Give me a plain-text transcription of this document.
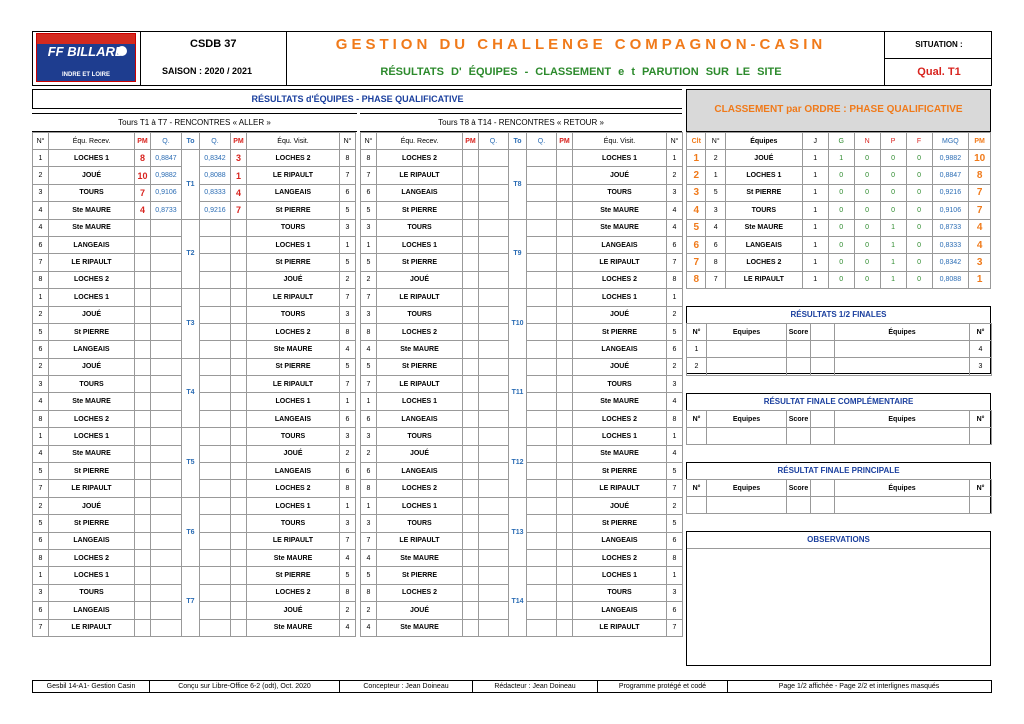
FF BILLARD
INDRE ET LOIRE
CSDB 37
SAISON : 2020 / 2021
GESTION DU CHALLENGE COMPAGNON-CASIN
RÉSULTATS D' ÉQUIPES - CLASSEMENT e t PARUTION SUR LE SITE
SITUATION :
Qual. T1
RÉSULTATS d'ÉQUIPES - PHASE QUALIFICATIVE
Tours T1 à T7 - RENCONTRES « ALLER »	Tours T8 à T14 - RENCONTRES « RETOUR »
N°	Équ. Recev.	PM	Q.	To	Q.	PM	Équ. Visit.	N°
1	LOCHES 1	8	0,8847	T1	0,8342	3	LOCHES 2	8
2	JOUÉ	10	0,9882		0,8088	1	LE RIPAULT	7
3	TOURS	7	0,9106		0,8333	4	LANGEAIS	6
4	Ste MAURE	4	0,8733		0,9216	7	St PIERRE	5
4	Ste MAURE			T2			TOURS	3
6	LANGEAIS						LOCHES 1	1
7	LE RIPAULT						St PIERRE	5
8	LOCHES 2						JOUÉ	2
1	LOCHES 1			T3			LE RIPAULT	7
2	JOUÉ						TOURS	3
5	St PIERRE						LOCHES 2	8
6	LANGEAIS						Ste MAURE	4
2	JOUÉ			T4			St PIERRE	5
3	TOURS						LE RIPAULT	7
4	Ste MAURE						LOCHES 1	1
8	LOCHES 2						LANGEAIS	6
1	LOCHES 1			T5			TOURS	3
4	Ste MAURE						JOUÉ	2
5	St PIERRE						LANGEAIS	6
7	LE RIPAULT						LOCHES 2	8
2	JOUÉ			T6			LOCHES 1	1
5	St PIERRE						TOURS	3
6	LANGEAIS						LE RIPAULT	7
8	LOCHES 2						Ste MAURE	4
1	LOCHES 1			T7			St PIERRE	5
3	TOURS						LOCHES 2	8
6	LANGEAIS						JOUÉ	2
7	LE RIPAULT						Ste MAURE	4
N°	Équ. Recev.	PM	Q.	To	Q.	PM	Équ. Visit.	N°
8	LOCHES 2			T8			LOCHES 1	1
7	LE RIPAULT						JOUÉ	2
6	LANGEAIS						TOURS	3
5	St PIERRE						Ste MAURE	4
3	TOURS			T9			Ste MAURE	4
1	LOCHES 1						LANGEAIS	6
5	St PIERRE						LE RIPAULT	7
2	JOUÉ						LOCHES 2	8
7	LE RIPAULT			T10			LOCHES 1	1
3	TOURS						JOUÉ	2
8	LOCHES 2						St PIERRE	5
4	Ste MAURE						LANGEAIS	6
5	St PIERRE			T11			JOUÉ	2
7	LE RIPAULT						TOURS	3
1	LOCHES 1						Ste MAURE	4
6	LANGEAIS						LOCHES 2	8
3	TOURS			T12			LOCHES 1	1
2	JOUÉ						Ste MAURE	4
6	LANGEAIS						St PIERRE	5
8	LOCHES 2						LE RIPAULT	7
1	LOCHES 1			T13			JOUÉ	2
3	TOURS						St PIERRE	5
7	LE RIPAULT						LANGEAIS	6
4	Ste MAURE						LOCHES 2	8
5	St PIERRE			T14			LOCHES 1	1
8	LOCHES 2						TOURS	3
2	JOUÉ						LANGEAIS	6
4	Ste MAURE						LE RIPAULT	7
CLASSEMENT par ORDRE : PHASE QUALIFICATIVE
Clt	N°	Équipes	J	G	N	P	F	MGQ	PM
1	2	JOUÉ	1	1	0	0	0	0,9882	10
2	1	LOCHES 1	1	0	0	0	0	0,8847	8
3	5	St PIERRE	1	0	0	0	0	0,9216	7
4	3	TOURS	1	0	0	0	0	0,9106	7
5	4	Ste MAURE	1	0	0	1	0	0,8733	4
6	6	LANGEAIS	1	0	0	1	0	0,8333	4
7	8	LOCHES 2	1	0	0	1	0	0,8342	3
8	7	LE RIPAULT	1	0	0	1	0	0,8088	1
RÉSULTATS 1/2 FINALES
N°	Equipes	Score		Équipes	N°
1					4
2					3
RÉSULTAT FINALE COMPLÉMENTAIRE
N°	Equipes	Score		Equipes	N°

RÉSULTAT FINALE PRINCIPALE
N°	Equipes	Score		Équipes	N°

OBSERVATIONS
Gesbil 14-A1- Gestion Casin	Conçu sur Libre-Office 6-2 (odt), Oct. 2020	Concepteur : Jean Doineau	Rédacteur : Jean Doineau	Programme protégé et codé	Page 1/2 affichée - Page 2/2 et interlignes masqués
